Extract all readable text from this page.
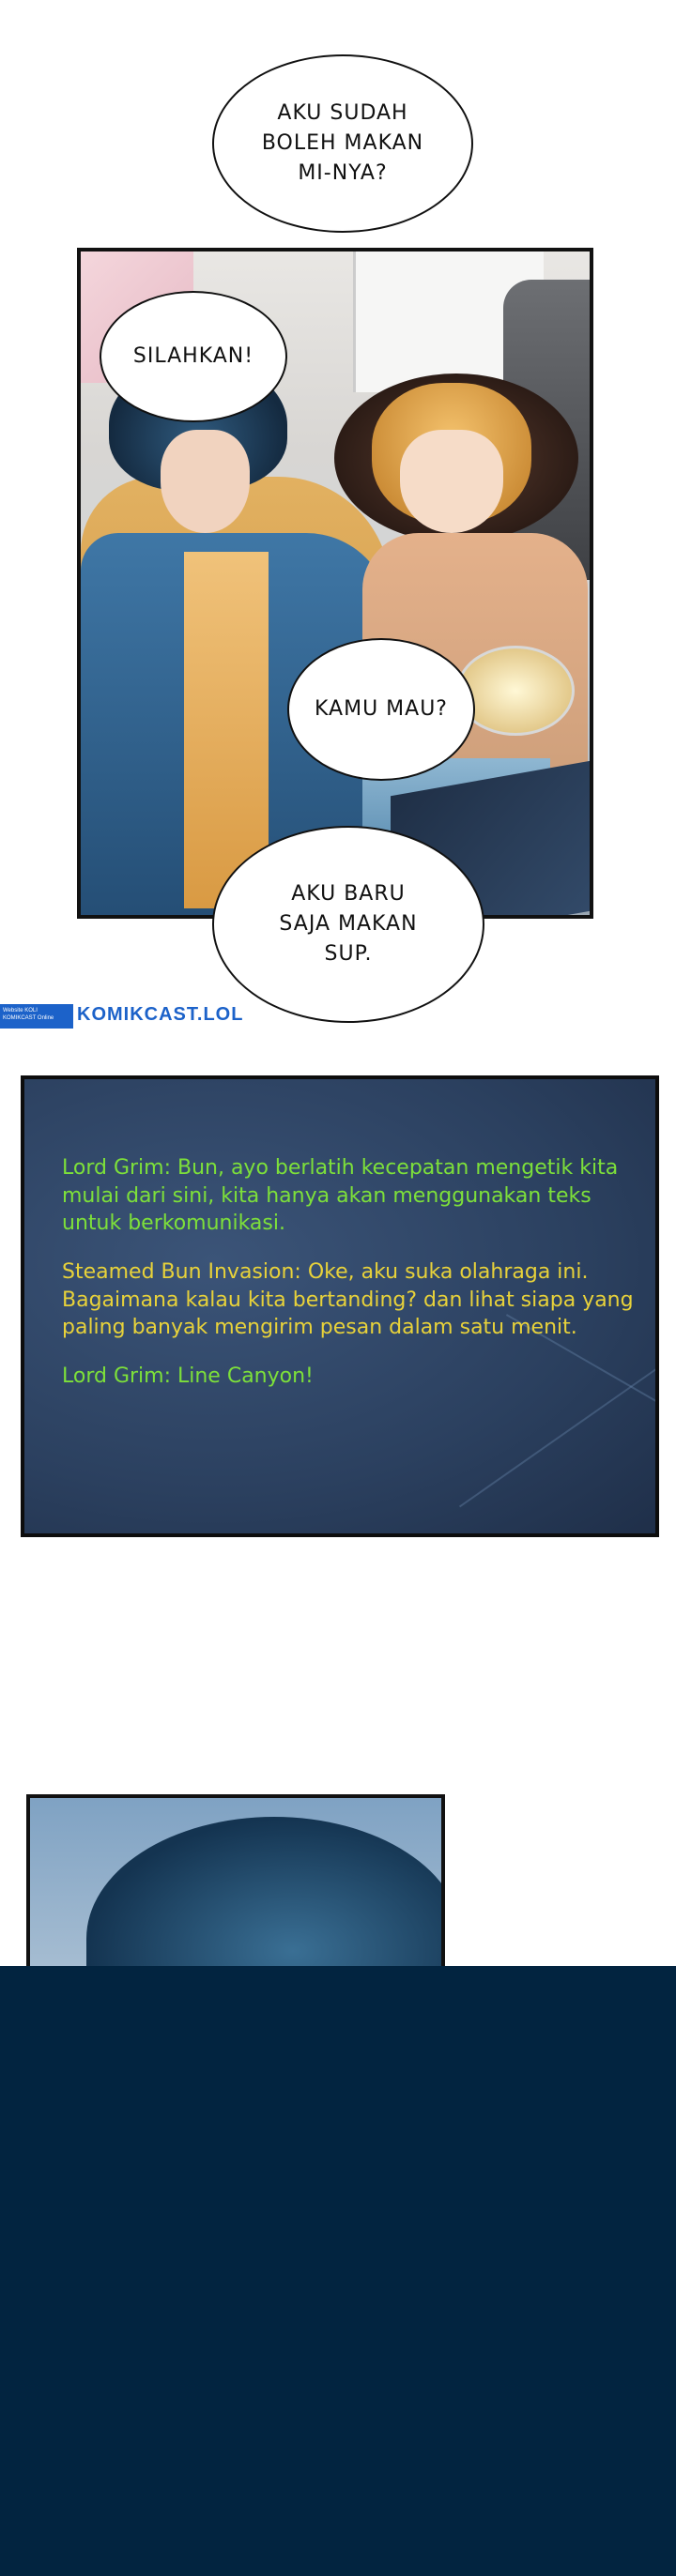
AKU SUDAH
BOLEH MAKAN
MI-NYA?
SILAHKAN!
KAMU MAU?
AKU BARU
SAJA MAKAN
SUP.
Website KOLI KOMIKCAST Online	KOMIKCAST.LOL

Lord Grim: Bun, ayo berlatih kecepatan mengetik kita mulai dari sini, kita hanya akan menggunakan teks untuk berkomunikasi.

Steamed Bun Invasion: Oke, aku suka olahraga ini. Bagaimana kalau kita bertanding? dan lihat siapa yang paling banyak mengirim pesan dalam satu menit.

Lord Grim: Line Canyon!
